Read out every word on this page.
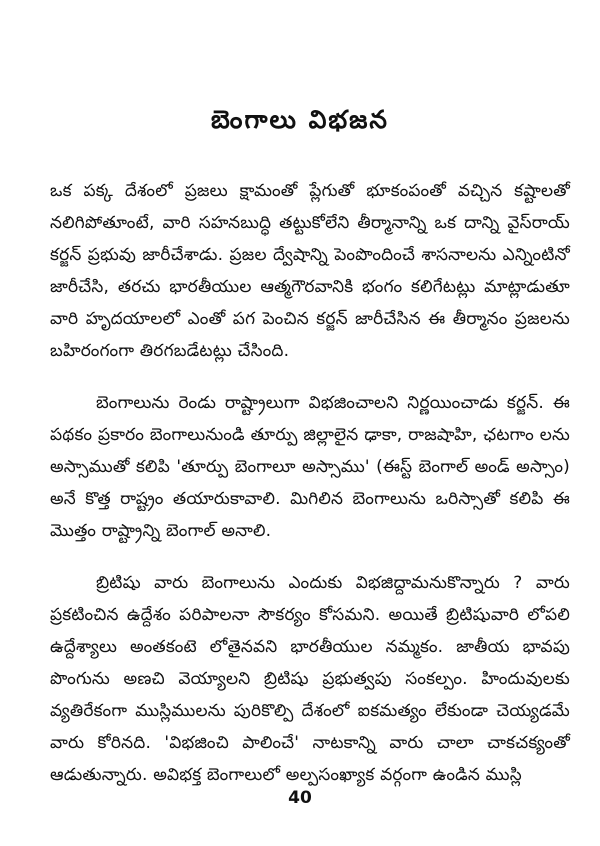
బెంగాలు విభజన

ఒక పక్క దేశంలో ప్రజలు క్షామంతో ప్లేగుతో భూకంపంతో వచ్చిన కష్టాలతో నలిగిపోతూంటే, వారి సహనబుద్ధి తట్టుకోలేని తీర్మానాన్ని ఒక దాన్ని వైస్‌రాయ్ కర్జన్ ప్రభువు జారీచేశాడు. ప్రజల ద్వేషాన్ని పెంపొందించే శాసనాలను ఎన్నింటినో జారీచేసి, తరచు భారతీయుల ఆత్మగౌరవానికి భంగం కలిగేటట్లు మాట్లాడుతూ వారి హృదయాలలో ఎంతో పగ పెంచిన కర్జన్ జారీచేసిన ఈ తీర్మానం ప్రజలను బహిరంగంగా తిరగబడేటట్లు చేసింది.

బెంగాలును రెండు రాష్ట్రాలుగా విభజించాలని నిర్ణయించాడు కర్జన్. ఈ పథకం ప్రకారం బెంగాలునుండి తూర్పు జిల్లాలైన ఢాకా, రాజషాహి, ఛటగాం లను అస్సాముతో కలిపి 'తూర్పు బెంగాలూ అస్సాము' (ఈస్ట్ బెంగాల్ అండ్ అస్సాం) అనే కొత్త రాష్ట్రం తయారుకావాలి. మిగిలిన బెంగాలును ఒరిస్సాతో కలిపి ఈ మొత్తం రాష్ట్రాన్ని బెంగాల్ అనాలి.

బ్రిటిషు వారు బెంగాలును ఎందుకు విభజిద్దామనుకొన్నారు ? వారు ప్రకటించిన ఉద్దేశం పరిపాలనా సౌకర్యం కోసమని. అయితే బ్రిటిషువారి లోపలి ఉద్దేశ్యాలు అంతకంటె లోతైనవని భారతీయుల నమ్మకం. జాతీయ భావపు పొంగును అణచి వెయ్యాలని బ్రిటిషు ప్రభుత్వపు సంకల్పం. హిందువులకు వ్యతిరేకంగా ముస్లిములను పురికొల్పి దేశంలో ఐకమత్యం లేకుండా చెయ్యడమే వారు కోరినది. 'విభజించి పాలించే' నాటకాన్ని వారు చాలా చాకచక్యంతో ఆడుతున్నారు. అవిభక్త బెంగాలులో అల్పసంఖ్యాక వర్గంగా ఉండిన ముస్లి

40
